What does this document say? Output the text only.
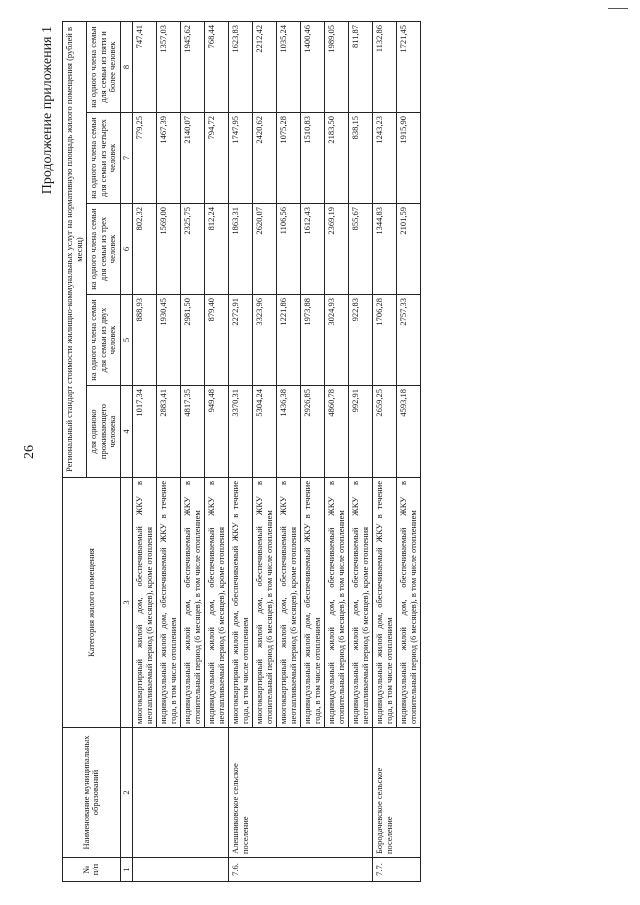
26
Продолжение приложения 1
№ п/п	Наименование муниципальных образований	Категория жилого помещения	Региональный стандарт стоимости жилищно-коммунальных услуг на нормативную площадь жилого помещения (рублей в месяц)				
			для одиноко проживающего человека	на одного члена семьи для семьи из двух человек	на одного члена семьи для семьи из трех человек	на одного члена семьи для семьи из четырех человек	на одного члена семьи для семьи из пяти и более человек
1	2	3	4	5	6	7	8
		многоквартирный жилой дом, обеспечиваемый ЖКУ в неотапливаемый период (6 месяцев), кроме отопления	1017,34	888,93	802,32	779,25	747,41
		индивидуальный жилой дом, обеспечиваемый ЖКУ в течение года, в том числе отоплением	2883,41	1930,45	1569,00	1467,39	1357,03
		индивидуальный жилой дом, обеспечиваемый ЖКУ в отопительный период (6 месяцев), в том числе отоплением	4817,35	2981,50	2325,75	2140,07	1945,62
		индивидуальный жилой дом, обеспечиваемый ЖКУ в неотапливаемый период (6 месяцев), кроме отопления	949,48	879,40	812,24	794,72	768,44
7.6.	Алешниковское сельское поселение	многоквартирный жилой дом, обеспечиваемый ЖКУ в течение года, в том числе отоплением	3370,31	2272,91	1863,31	1747,95	1623,83
		многоквартирный жилой дом, обеспечиваемый ЖКУ в отопительный период (6 месяцев), в том числе отоплением	5304,24	3323,96	2620,07	2420,62	2212,42
		многоквартирный жилой дом, обеспечиваемый ЖКУ в неотапливаемый период (6 месяцев), кроме отопления	1436,38	1221,86	1106,56	1075,28	1035,24
		индивидуальный жилой дом, обеспечиваемый ЖКУ в течение года, в том числе отоплением	2926,85	1973,88	1612,43	1510,83	1400,46
		индивидуальный жилой дом, обеспечиваемый ЖКУ в отопительный период (6 месяцев), в том числе отоплением	4860,78	3024,93	2369,19	2183,50	1989,05
		индивидуальный жилой дом, обеспечиваемый ЖКУ в неотапливаемый период (6 месяцев), кроме отопления	992,91	922,83	855,67	838,15	811,87
7.7.	Бородачевское сельское поселение	индивидуальный жилой дом, обеспечиваемый ЖКУ в течение года, в том числе отоплением	2659,25	1706,28	1344,83	1243,23	1132,86
		индивидуальный жилой дом, обеспечиваемый ЖКУ в отопительный период (6 месяцев), в том числе отоплением	4593,18	2757,33	2101,59	1915,90	1721,45
